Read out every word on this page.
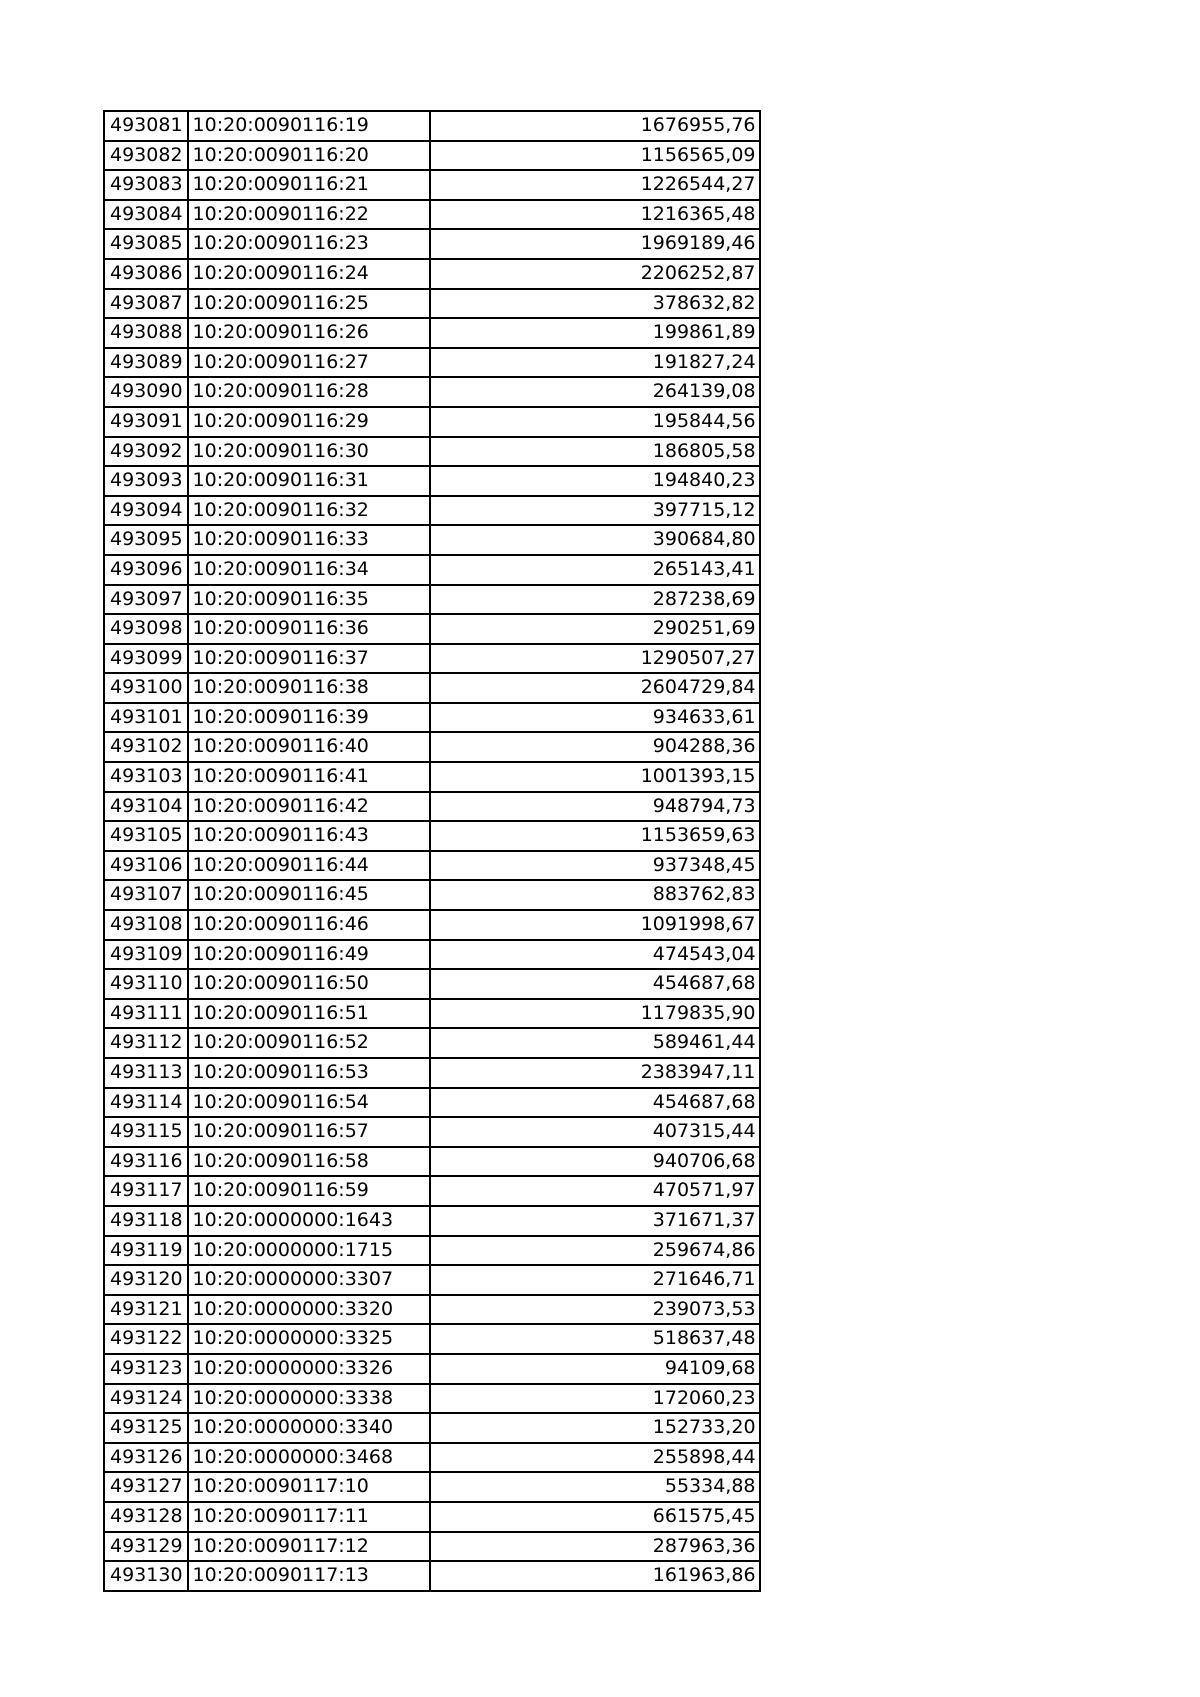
493081	10:20:0090116:19	1676955,76
493082	10:20:0090116:20	1156565,09
493083	10:20:0090116:21	1226544,27
493084	10:20:0090116:22	1216365,48
493085	10:20:0090116:23	1969189,46
493086	10:20:0090116:24	2206252,87
493087	10:20:0090116:25	378632,82
493088	10:20:0090116:26	199861,89
493089	10:20:0090116:27	191827,24
493090	10:20:0090116:28	264139,08
493091	10:20:0090116:29	195844,56
493092	10:20:0090116:30	186805,58
493093	10:20:0090116:31	194840,23
493094	10:20:0090116:32	397715,12
493095	10:20:0090116:33	390684,80
493096	10:20:0090116:34	265143,41
493097	10:20:0090116:35	287238,69
493098	10:20:0090116:36	290251,69
493099	10:20:0090116:37	1290507,27
493100	10:20:0090116:38	2604729,84
493101	10:20:0090116:39	934633,61
493102	10:20:0090116:40	904288,36
493103	10:20:0090116:41	1001393,15
493104	10:20:0090116:42	948794,73
493105	10:20:0090116:43	1153659,63
493106	10:20:0090116:44	937348,45
493107	10:20:0090116:45	883762,83
493108	10:20:0090116:46	1091998,67
493109	10:20:0090116:49	474543,04
493110	10:20:0090116:50	454687,68
493111	10:20:0090116:51	1179835,90
493112	10:20:0090116:52	589461,44
493113	10:20:0090116:53	2383947,11
493114	10:20:0090116:54	454687,68
493115	10:20:0090116:57	407315,44
493116	10:20:0090116:58	940706,68
493117	10:20:0090116:59	470571,97
493118	10:20:0000000:1643	371671,37
493119	10:20:0000000:1715	259674,86
493120	10:20:0000000:3307	271646,71
493121	10:20:0000000:3320	239073,53
493122	10:20:0000000:3325	518637,48
493123	10:20:0000000:3326	94109,68
493124	10:20:0000000:3338	172060,23
493125	10:20:0000000:3340	152733,20
493126	10:20:0000000:3468	255898,44
493127	10:20:0090117:10	55334,88
493128	10:20:0090117:11	661575,45
493129	10:20:0090117:12	287963,36
493130	10:20:0090117:13	161963,86
